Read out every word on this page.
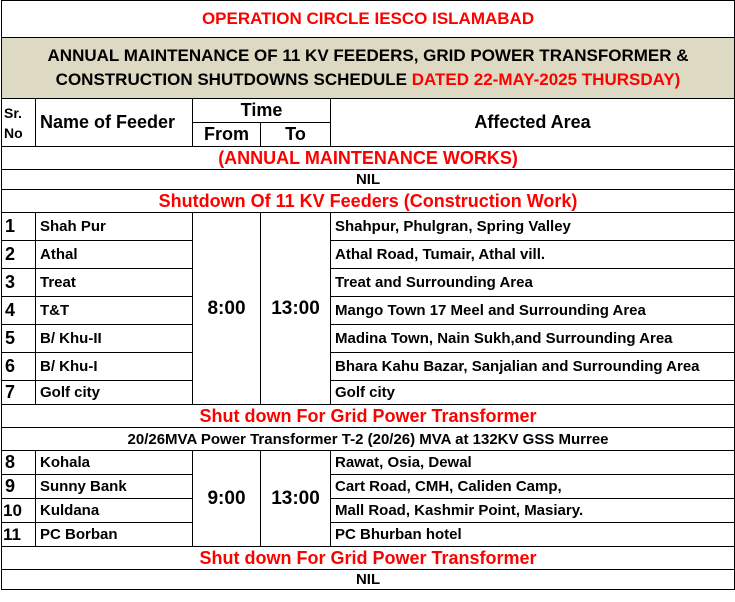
OPERATION CIRCLE IESCO ISLAMABAD				
ANNUAL MAINTENANCE OF 11 KV FEEDERS, GRID POWER TRANSFORMER & CONSTRUCTION SHUTDOWNS SCHEDULE DATED 22-MAY-2025 THURSDAY)				
Sr. No	Name of Feeder	Time		Affected Area
		From	To	
(ANNUAL MAINTENANCE WORKS)				
NIL				
Shutdown Of 11 KV Feeders (Construction Work)				
1	Shah Pur	8:00	13:00	Shahpur, Phulgran, Spring Valley
2	Athal			Athal Road, Tumair, Athal vill.
3	Treat			Treat and Surrounding Area
4	T&T			Mango Town 17 Meel and Surrounding Area
5	B/ Khu-II			Madina Town, Nain Sukh,and Surrounding Area
6	B/ Khu-I			Bhara Kahu Bazar, Sanjalian and Surrounding Area
7	Golf city			Golf city
Shut down For Grid Power Transformer				
20/26MVA Power Transformer T-2 (20/26) MVA at 132KV GSS Murree				
8	Kohala	9:00	13:00	Rawat, Osia, Dewal
9	Sunny Bank			Cart Road, CMH, Caliden Camp,
10	Kuldana			Mall Road, Kashmir Point, Masiary.
11	PC Borban			PC Bhurban hotel
Shut down For Grid Power Transformer				
NIL				
